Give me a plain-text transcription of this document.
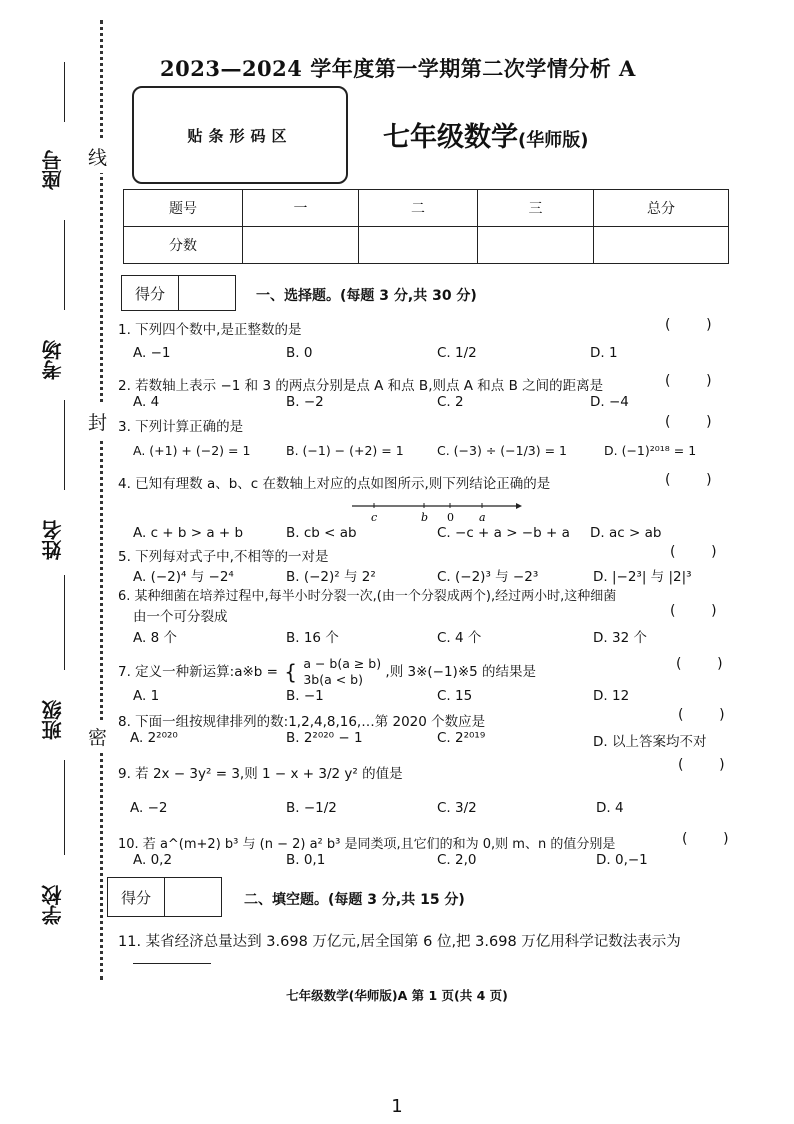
座号
考场
姓名
班级
学校
线
封
密
2023—2024 学年度第一学期第二次学情分析 A
贴条形码区	七年级数学(华师版)
题号	一	二	三	总分
分数				
得分	一、选择题。(每题 3 分,共 30 分)
1. 下列四个数中,是正整数的是	(        )
A. −1	B. 0	C. 1/2	D. 1
2. 若数轴上表示 −1 和 3 的两点分别是点 A 和点 B,则点 A 和点 B 之间的距离是	(        )
A. 4	B. −2	C. 2	D. −4
3. 下列计算正确的是	(        )
A. (+1) + (−2) = 1	B. (−1) − (+2) = 1	C. (−3) ÷ (−1/3) = 1	D. (−1)²⁰¹⁸ = 1
4. 已知有理数 a、b、c 在数轴上对应的点如图所示,则下列结论正确的是	(        )
c	b 0 a
A. c + b > a + b	B. cb < ab	C. −c + a > −b + a D. ac > ab
5. 下列每对式子中,不相等的一对是	(        )
A. (−2)⁴ 与 −2⁴	B. (−2)² 与 2²	C. (−2)³ 与 −2³	D. |−2³| 与 |2|³
6. 某种细菌在培养过程中,每半小时分裂一次,(由一个分裂成两个),经过两小时,这种细菌
由一个可分裂成	(        )
A. 8 个	B. 16 个	C. 4 个	D. 32 个
7. 定义一种新运算:a※b = { a − b(a ≥ b)
3b(a < b)	,则 3※(−1)※5 的结果是	(        )
A. 1	B. −1	C. 15	D. 12
8. 下面一组按规律排列的数:1,2,4,8,16,…第 2020 个数应是	(        )
A. 2²⁰²⁰	B. 2²⁰²⁰ − 1	C. 2²⁰¹⁹	D. 以上答案均不对
9. 若 2x − 3y² = 3,则 1 − x + 3/2 y² 的值是
(        )
A. −2	B. −1/2	C. 3/2	D. 4
10. 若 a^(m+2) b³ 与 (n − 2) a² b³ 是同类项,且它们的和为 0,则 m、n 的值分别是	(        )
A. 0,2	B. 0,1	C. 2,0	D. 0,−1
得分	二、填空题。(每题 3 分,共 15 分)
11. 某省经济总量达到 3.698 万亿元,居全国第 6 位,把 3.698 万亿用科学记数法表示为
七年级数学(华师版)A 第 1 页(共 4 页)
1
